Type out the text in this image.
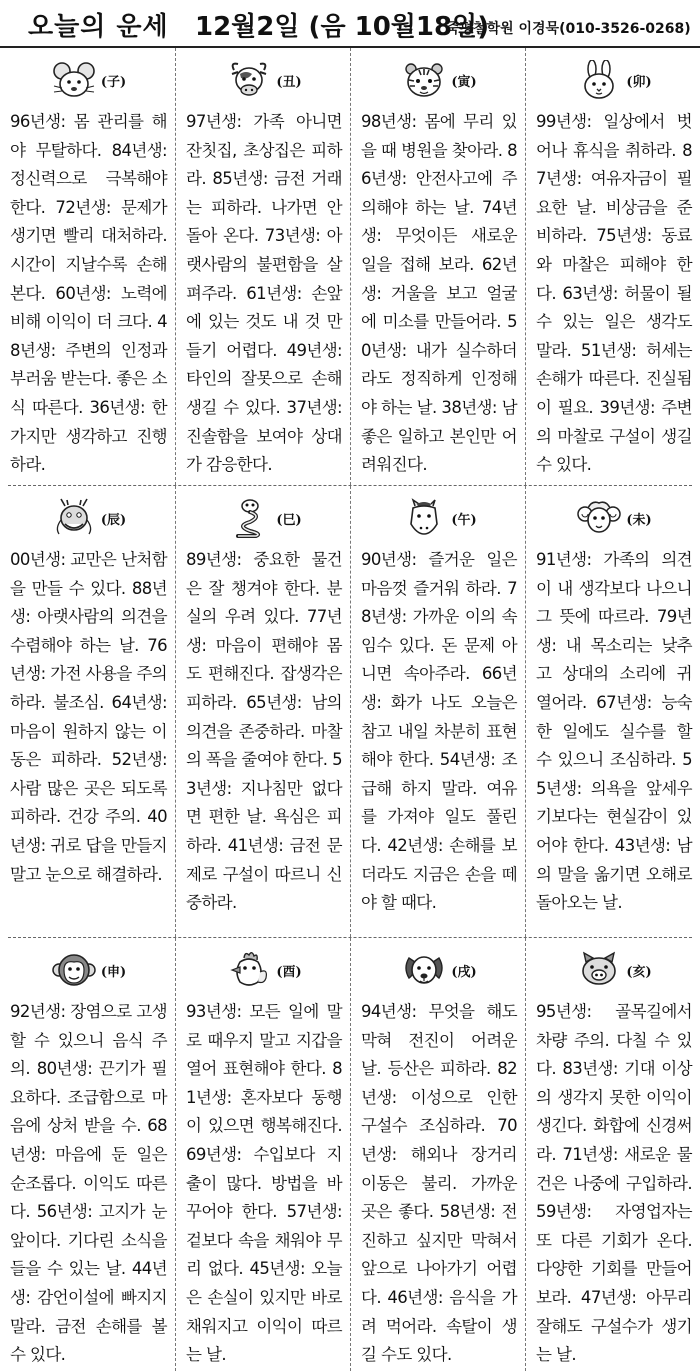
오늘의 운세 12월2일 (음 10월18일)
죽평철학원 이경묵(010-3526-0268)
(子)

96년생: 몸 관리를 해야 무탈하다. 84년생: 정신력으로 극복해야 한다. 72년생: 문제가 생기면 빨리 대처하라. 시간이 지날수록 손해 본다. 60년생: 노력에 비해 이익이 더 크다. 48년생: 주변의 인정과 부러움 받는다. 좋은 소식 따른다. 36년생: 한 가지만 생각하고 진행하라.

(丑)

97년생: 가족 아니면 잔칫집, 초상집은 피하라. 85년생: 금전 거래는 피하라. 나가면 안돌아 온다. 73년생: 아랫사람의 불편함을 살펴주라. 61년생: 손앞에 있는 것도 내 것 만들기 어렵다. 49년생: 타인의 잘못으로 손해 생길 수 있다. 37년생: 진솔함을 보여야 상대가 감응한다.

(寅)

98년생: 몸에 무리 있을 때 병원을 찾아라. 86년생: 안전사고에 주의해야 하는 날. 74년생: 무엇이든 새로운 일을 접해 보라. 62년생: 거울을 보고 얼굴에 미소를 만들어라. 50년생: 내가 실수하더라도 정직하게 인정해야 하는 날. 38년생: 남 좋은 일하고 본인만 어려워진다.

(卯)

99년생: 일상에서 벗어나 휴식을 취하라. 87년생: 여유자금이 필요한 날. 비상금을 준비하라. 75년생: 동료와 마찰은 피해야 한다. 63년생: 허물이 될 수 있는 일은 생각도 말라. 51년생: 허세는 손해가 따른다. 진실됨이 필요. 39년생: 주변의 마찰로 구설이 생길 수 있다.

(辰)

00년생: 교만은 난처함을 만들 수 있다. 88년생: 아랫사람의 의견을 수렴해야 하는 날. 76년생: 가전 사용을 주의하라. 불조심. 64년생: 마음이 원하지 않는 이동은 피하라. 52년생: 사람 많은 곳은 되도록 피하라. 건강 주의. 40년생: 귀로 답을 만들지 말고 눈으로 해결하라.

(巳)

89년생: 중요한 물건은 잘 챙겨야 한다. 분실의 우려 있다. 77년생: 마음이 편해야 몸도 편해진다. 잡생각은 피하라. 65년생: 남의 의견을 존중하라. 마찰의 폭을 줄여야 한다. 53년생: 지나침만 없다면 편한 날. 욕심은 피하라. 41년생: 금전 문제로 구설이 따르니 신중하라.

(午)

90년생: 즐거운 일은 마음껏 즐거워 하라. 78년생: 가까운 이의 속임수 있다. 돈 문제 아니면 속아주라. 66년생: 화가 나도 오늘은 참고 내일 차분히 표현해야 한다. 54년생: 조급해 하지 말라. 여유를 가져야 일도 풀린다. 42년생: 손해를 보더라도 지금은 손을 떼야 할 때다.

(未)

91년생: 가족의 의견이 내 생각보다 나으니 그 뜻에 따르라. 79년생: 내 목소리는 낮추고 상대의 소리에 귀 열어라. 67년생: 능숙한 일에도 실수를 할 수 있으니 조심하라. 55년생: 의욕을 앞세우기보다는 현실감이 있어야 한다. 43년생: 남의 말을 옮기면 오해로 돌아오는 날.

(申)

92년생: 장염으로 고생할 수 있으니 음식 주의. 80년생: 끈기가 필요하다. 조급함으로 마음에 상처 받을 수. 68년생: 마음에 둔 일은 순조롭다. 이익도 따른다. 56년생: 고지가 눈앞이다. 기다린 소식을 들을 수 있는 날. 44년생: 감언이설에 빠지지 말라. 금전 손해를 볼 수 있다.

(酉)

93년생: 모든 일에 말로 때우지 말고 지갑을 열어 표현해야 한다. 81년생: 혼자보다 동행이 있으면 행복해진다. 69년생: 수입보다 지출이 많다. 방법을 바꾸어야 한다. 57년생: 겉보다 속을 채워야 무리 없다. 45년생: 오늘은 손실이 있지만 바로 채워지고 이익이 따르는 날.

(戌)

94년생: 무엇을 해도 막혀 전진이 어려운 날. 등산은 피하라. 82년생: 이성으로 인한 구설수 조심하라. 70년생: 해외나 장거리 이동은 불리. 가까운 곳은 좋다. 58년생: 전진하고 싶지만 막혀서 앞으로 나아가기 어렵다. 46년생: 음식을 가려 먹어라. 속탈이 생길 수도 있다.

(亥)

95년생: 골목길에서 차량 주의. 다칠 수 있다. 83년생: 기대 이상의 생각지 못한 이익이 생긴다. 화합에 신경써라. 71년생: 새로운 물건은 나중에 구입하라. 59년생: 자영업자는 또 다른 기회가 온다. 다양한 기회를 만들어 보라. 47년생: 아무리 잘해도 구설수가 생기는 날.
